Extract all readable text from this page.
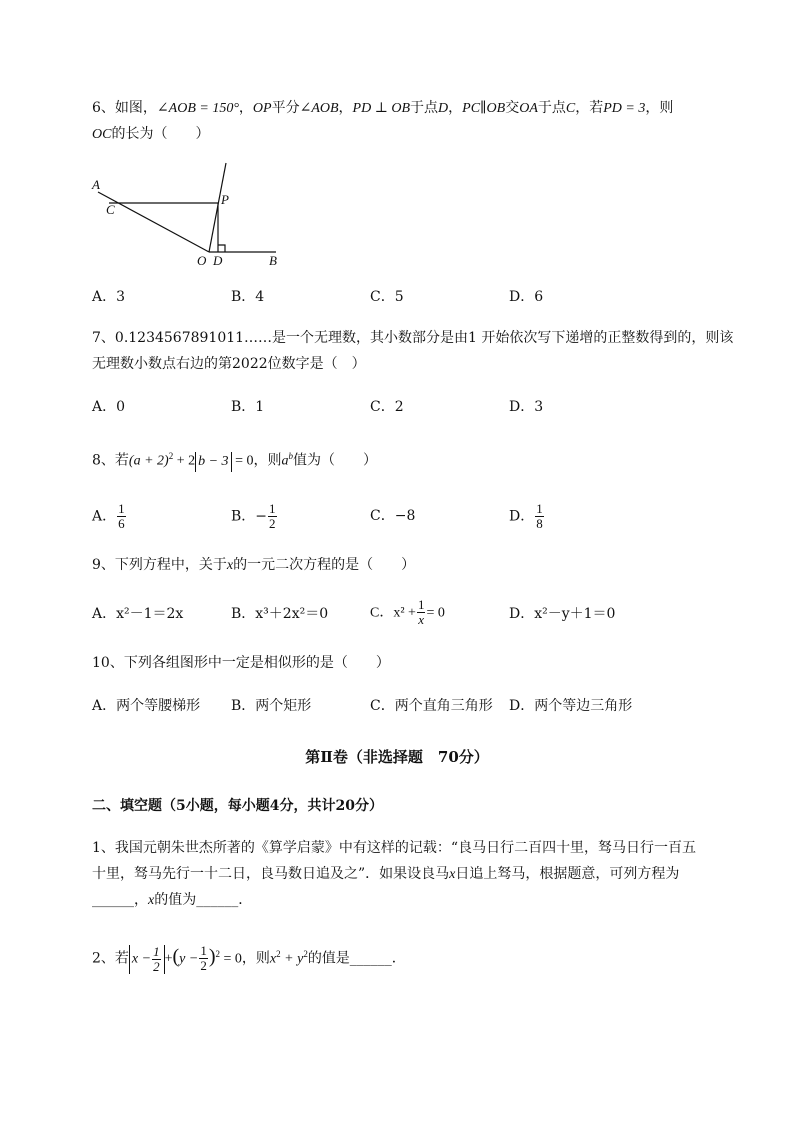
6、如图，∠AOB = 150°，OP平分∠AOB，PD ⊥ OB于点D，PC∥OB交OA于点C，若PD = 3，则
OC的长为（　　）
A
C
P
O D	B
A．3	B．4	C．5	D．6
7、0.1234567891011……是一个无理数，其小数部分是由1 开始依次写下递增的正整数得到的，则该
无理数小数点右边的第2022位数字是（　）
A．0	B．1	C．2	D．3
8、若$(a + 2)^2 + 2$ b − 3 = 0，则$a^b$值为（　　）
A． $\frac{1}{6}$	B．− $\frac{1}{2}$	C．−8	D． $\frac{1}{8}$
9、下列方程中，关于x的一元二次方程的是（　　）
A．x²－1＝2x	B．x³＋2x²＝0	C．$x^2 + \frac{1}{x} = 0$	D．x²－y＋1＝0
10、下列各组图形中一定是相似形的是（　　）
A．两个等腰梯形 B．两个矩形	C．两个直角三角形 D．两个等边三角形
第Ⅱ卷（非选择题　70分）
二、填空题（5小题，每小题4分，共计20分）
1、我国元朝朱世杰所著的《算学启蒙》中有这样的记载：“良马日行二百四十里，驽马日行一百五
十里，驽马先行一十二日，良马数日追及之”．如果设良马x日追上驽马，根据题意，可列方程为
______，x的值为______．
2、若 $x - \frac{1}{2} +(y - \frac{1}{2} )^2 = 0$，则$x^2 + y^2$的值是______．
